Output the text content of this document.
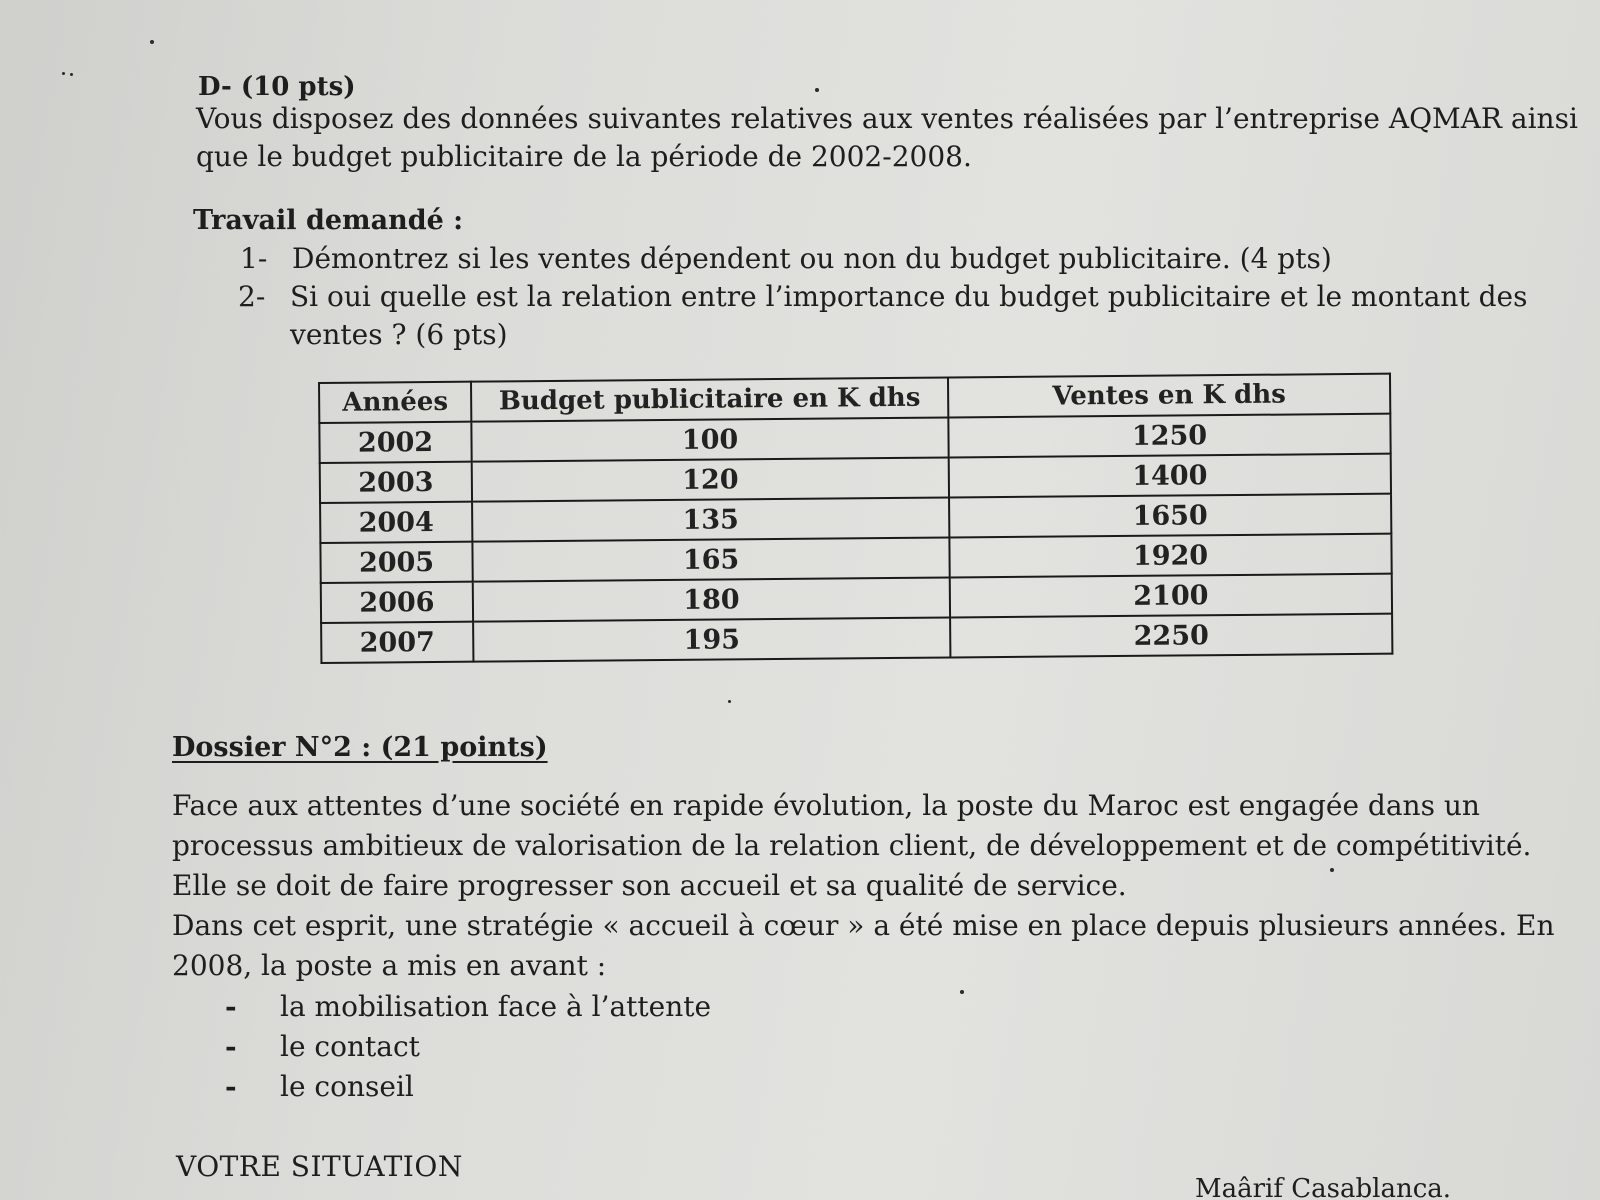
D- (10 pts)
Vous disposez des données suivantes relatives aux ventes réalisées par l’entreprise AQMAR ainsi
que le budget publicitaire de la période de 2002-2008.
Travail demandé :
1- Démontrez si les ventes dépendent ou non du budget publicitaire. (4 pts)
2- Si oui quelle est la relation entre l’importance du budget publicitaire et le montant des
ventes ? (6 pts)
Années	Budget publicitaire en K dhs	Ventes en K dhs
2002	100	1250
2003	120	1400
2004	135	1650
2005	165	1920
2006	180	2100
2007	195	2250
Dossier N°2 : (21 points)
Face aux attentes d’une société en rapide évolution, la poste du Maroc est engagée dans un
processus ambitieux de valorisation de la relation client, de développement et de compétitivité.
Elle se doit de faire progresser son accueil et sa qualité de service.
Dans cet esprit, une stratégie « accueil à cœur » a été mise en place depuis plusieurs années. En
2008, la poste a mis en avant :
- la mobilisation face à l’attente
- le contact
- le conseil
VOTRE SITUATION
Maârif Casablanca.
